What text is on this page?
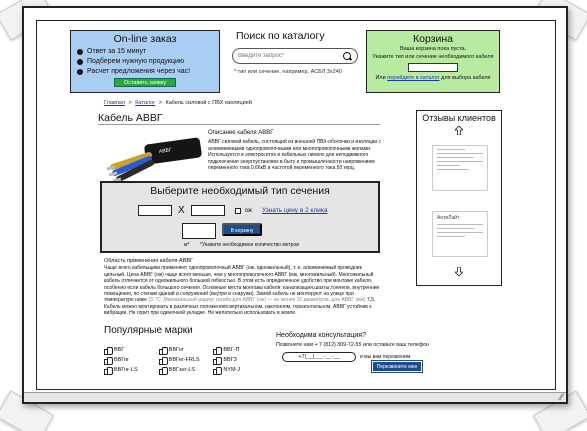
⁄⁄
On-line заказ
Ответ за 15 минут
Подберем нужную продукцию
Расчет предложения через час!
Оставить заявку
Поиск по каталогу
Введите запрос*
* тип или сечение, например, АСБЛ 3х240
Корзина
Ваша корзина пока пуста.
Укажите тип или сечение необходимого кабеля
Или перейдите в каталог для выбора кабеля
Главная > Каталог > Кабель силовой с ПВХ изоляцией
Кабель АВВГ
АВВГ
Описание кабеля АВВГ
АВВГ силовой кабель, состоящий из внешней ПВХ-оболочки и изоляции с алюминиевыми однопроволочными или многопроволочными жилами. Используется в электросетях и кабельных линиях для неподвижного подключения энергоустановок в быту и промышленности напряжением переменного тока 0,66кВ и частотой переменного тока 50 герц.
Выберите необходимый тип сечения
X	ож Узнать цену в 2 клика
В корзину
м* *Укажите необходимое количество метров
Область применения кабеля АВВГ
Чаще всего кабельщики применяют однопроволочный АВВГ (ож, одножильный), т. е. алюминиевый проводник цельный. Цена АВВГ (ож) чаще всего меньше, чем у многопроволочного АВВГ (мж, многожильный). Многожильный кабель отличается от одножильного большей гибкостью. В этом есть определенное удобство при монтаже кабеля, особенно если кабель большого сечения. Основные места монтажа кабеля: канализация,шахты,тоннели, внутренние помещения, по стенам зданий и сооружений (внутри и снаружи). Зимой кабель не монтируют на улице при температуре ниже 15 °С. Минимальный радиус изгиба для АВВГ (ож) — не менее 10 диаметров, для АВВГ (мж) 7,5. Кабель можно монтировать в различных положениях:вертикальном, наклонном, горизонтальном. АВВГ устойчив к вибрации. Не горит при одиночной укладке. Не желательно использовать в земле.
Популярные марки
ВВГ	ВВГнг	ВВГ-П
ВВГнг	ВВГнг-FRLS	ВВГЗ
ВВГнг-LS	ВВГзнг-LS	NYM-J
Необходима консультация?
Позвоните нам + 7 (812) 309-72-55 или оставьте ваш телефон
+7(__)___-__-__	и мы вам перезвоним
Перезвоните мне
Отзывы клиентов
АнтиЛайт
